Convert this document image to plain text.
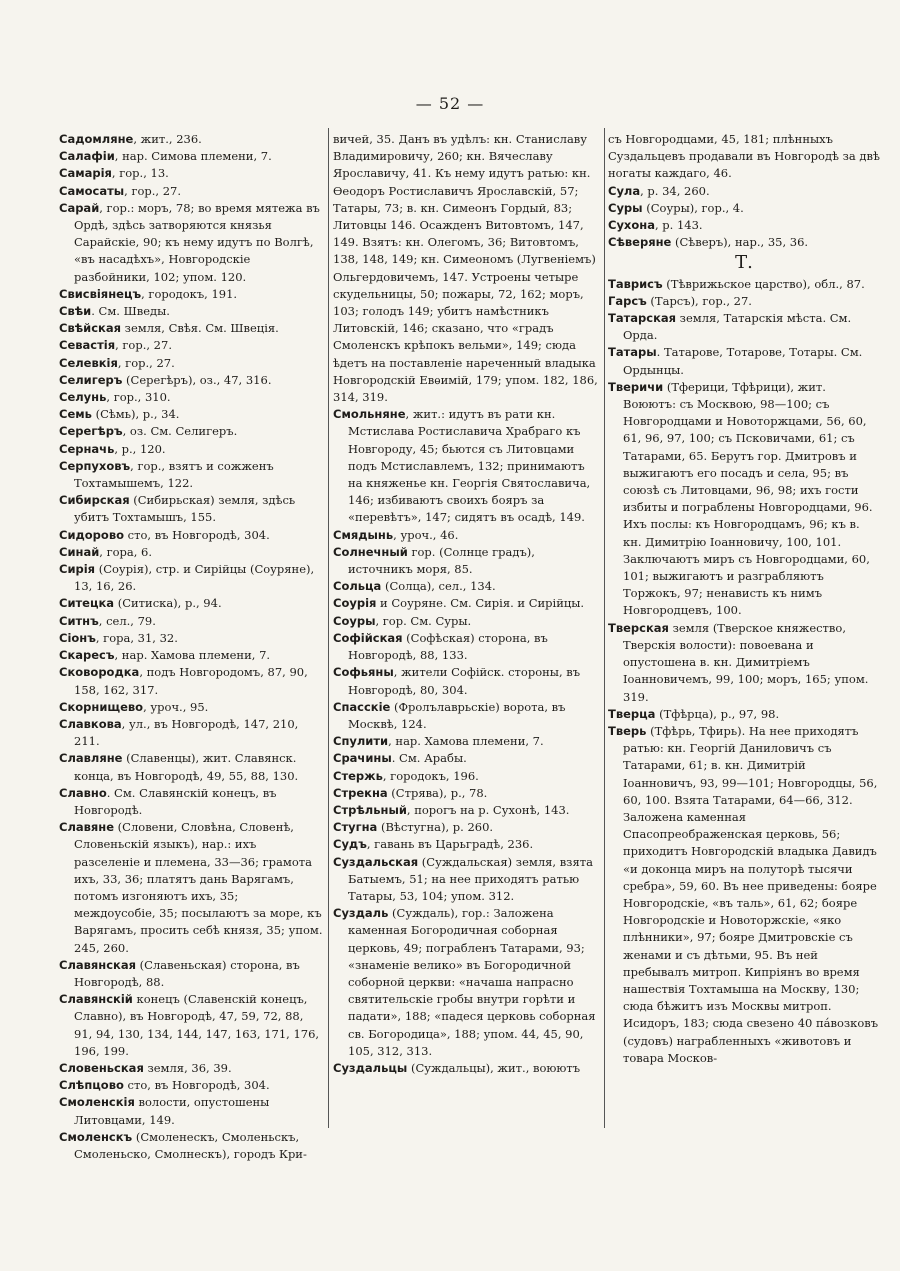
— 52 —

Садомляне, жит., 236.

Салафiи, нар. Симова племени, 7.

Самарiя, гор., 13.

Самосаты, гор., 27.

Сарай, гор.: моръ, 78; во время мятежа въ Ордѣ, здѣсь затворяются князья Сарайскiе, 90; къ нему идутъ по Волгѣ, «въ насадѣхъ», Новгородскiе разбойники, 102; упом. 120.

Свисвiянецъ, городокъ, 191.

Свѣи. См. Шведы.

Свѣйская земля, Свѣя. См. Швецiя.

Севастiя, гор., 27.

Селевкiя, гор., 27.

Селигеръ (Серегѣръ), оз., 47, 316.

Селунь, гор., 310.

Семь (Сѣмь), р., 34.

Серегѣръ, оз. См. Селигеръ.

Серначь, р., 120.

Серпуховъ, гор., взятъ и сожженъ Тохтамышемъ, 122.

Сибирская (Сибирьская) земля, здѣсь убитъ Тохтамышъ, 155.

Сидорово сто, въ Новгородѣ, 304.

Синай, гора, 6.

Сирiя (Соурiя), стр. и Сирiйцы (Соуряне), 13, 16, 26.

Ситецка (Ситиска), р., 94.

Ситнъ, сел., 79.

Сiонъ, гора, 31, 32.

Скаресъ, нар. Хамова племени, 7.

Сковородка, подъ Новгородомъ, 87, 90, 158, 162, 317.

Скорнищево, уроч., 95.

Славкова, ул., въ Новгородѣ, 147, 210, 211.

Славляне (Славенцы), жит. Славянск. конца, въ Новгородѣ, 49, 55, 88, 130.

Славно. См. Славянскiй конецъ, въ Новгородѣ.

Славяне (Словени, Словѣна, Словенѣ, Словеньскiй языкъ), нар.: ихъ разселенiе и племена, 33—36; грамота ихъ, 33, 36; платятъ дань Варягамъ, потомъ изгоняютъ ихъ, 35; междоусобiе, 35; посылаютъ за море, къ Варягамъ, просить себѣ князя, 35; упом. 245, 260.

Славянская (Славеньская) сторона, въ Новгородѣ, 88.

Славянскiй конецъ (Славенскiй конецъ, Славно), въ Новгородѣ, 47, 59, 72, 88, 91, 94, 130, 134, 144, 147, 163, 171, 176, 196, 199.

Словеньская земля, 36, 39.

Слѣпцово сто, въ Новгородѣ, 304.

Смоленскiя волости, опустошены Литовцами, 149.

Смоленскъ (Смоленескъ, Смоленьскъ, Смоленьско, Смолнескъ), городъ Кри-

вичей, 35. Данъ въ удѣлъ: кн. Станиславу Владимировичу, 260; кн. Вячеславу Ярославичу, 41. Къ нему идутъ ратью: кн. Ѳеодоръ Ростиславичъ Ярославскiй, 57; Татары, 73; в. кн. Симеонъ Гордый, 83; Литовцы 146. Осажденъ Витовтомъ, 147, 149. Взятъ: кн. Олегомъ, 36; Витовтомъ, 138, 148, 149; кн. Симеономъ (Лугвенiемъ) Ольгердовичемъ, 147. Устроены четыре скудельницы, 50; пожары, 72, 162; моръ, 103; голодъ 149; убитъ намѣстникъ Литовскiй, 146; сказано, что «градъ Смоленскъ крѣпокъ вельми», 149; сюда ѣдетъ на поставленiе нареченный владыка Новгородскiй Евѳимiй, 179; упом. 182, 186, 314, 319.

Смольняне, жит.: идутъ въ рати кн. Мстислава Ростиславича Храбраго къ Новгороду, 45; бьются съ Литовцами подъ Мстиславлемъ, 132; принимаютъ на княженье кн. Георгiя Святославича, 146; избиваютъ своихъ бояръ за «перевѣтъ», 147; сидятъ въ осадѣ, 149.

Смядынь, уроч., 46.

Солнечный гор. (Солнце градъ), источникъ моря, 85.

Сольца (Солца), сел., 134.

Соурiя и Соуряне. См. Сирiя. и Сирiйцы.

Соуры, гор. См. Суры.

Софiйская (Софѣская) сторона, въ Новгородѣ, 88, 133.

Софьяны, жители Софiйск. стороны, въ Новгородѣ, 80, 304.

Спасскiе (Фролълаврьскiе) ворота, въ Москвѣ, 124.

Спулити, нар. Хамова племени, 7.

Срачины. См. Арабы.

Стержь, городокъ, 196.

Стрекна (Стрява), р., 78.

Стрѣльный, порогъ на р. Сухонѣ, 143.

Стугна (Вѣстугна), р. 260.

Судъ, гавань въ Царьградѣ, 236.

Суздальская (Суждальская) земля, взята Батыемъ, 51; на нее приходятъ ратью Татары, 53, 104; упом. 312.

Суздаль (Суждаль), гор.: Заложена каменная Богородичная соборная церковь, 49; пограбленъ Татарами, 93; «знаменiе велико» въ Богородичной соборной церкви: «начаша напрасно святительскiе гробы внутри горѣти и падати», 188; «падеся церковь соборная св. Богородица», 188; упом. 44, 45, 90, 105, 312, 313.

Суздальцы (Суждальцы), жит., воюютъ

съ Новгородцами, 45, 181; плѣнныхъ Суздальцевъ продавали въ Новгородѣ за двѣ ногаты каждаго, 46.

Сула, р. 34, 260.

Суры (Соуры), гор., 4.

Сухона, р. 143.

Сѣверяне (Сѣверъ), нар., 35, 36.

Т.

Таврисъ (Тѣврижьскоe царство), обл., 87.

Гарсъ (Тарсъ), гор., 27.

Татарская земля, Татарскiя мѣста. См. Орда.

Татары. Татарове, Тотарове, Тотары. См. Ордынцы.

Тверичи (Тферици, Тфѣрици), жит. Воюютъ: съ Москвою, 98—100; съ Новгородцами и Новоторжцами, 56, 60, 61, 96, 97, 100; съ Псковичами, 61; съ Татарами, 65. Берутъ гор. Дмитровъ и выжигаютъ его посадъ и села, 95; въ союзѣ съ Литовцами, 96, 98; ихъ гости избиты и пограблены Новгородцами, 96. Ихъ послы: къ Новгородцамъ, 96; къ в. кн. Димитрiю Iоанновичу, 100, 101. Заключаютъ миръ съ Новгородцами, 60, 101; выжигаютъ и разграбляютъ Торжокъ, 97; ненависть къ нимъ Новгородцевъ, 100.

Тверская земля (Тверское княжество, Тверскiя волости): повоевана и опустошена в. кн. Димитрiемъ Iоанновичемъ, 99, 100; моръ, 165; упом. 319.

Тверца (Тфѣрца), р., 97, 98.

Тверь (Тфѣрь, Тфирь). На нее приходятъ ратью: кн. Георгiй Даниловичъ съ Татарами, 61; в. кн. Димитрiй Iоанновичъ, 93, 99—101; Новгородцы, 56, 60, 100. Взята Татарами, 64—66, 312. Заложена каменная Спасопреображенская церковь, 56; приходитъ Новгородскiй владыка Давидъ «и доконца миръ на полуторѣ тысячи сребра», 59, 60. Въ нее приведены: бояре Новгородскiе, «въ таль», 61, 62; бояре Новгородскiе и Новоторжскiе, «яко плѣнники», 97; бояре Дмитровскiе съ женами и съ дѣтьми, 95. Въ ней пребывалъ митроп. Кипрiянъ во время нашествiя Тохтамыша на Москву, 130; сюда бѣжитъ изъ Москвы митроп. Исидоръ, 183; сюда свезено 40 пáвозковъ (судовъ) награбленныхъ «животовъ и товара Москов-
